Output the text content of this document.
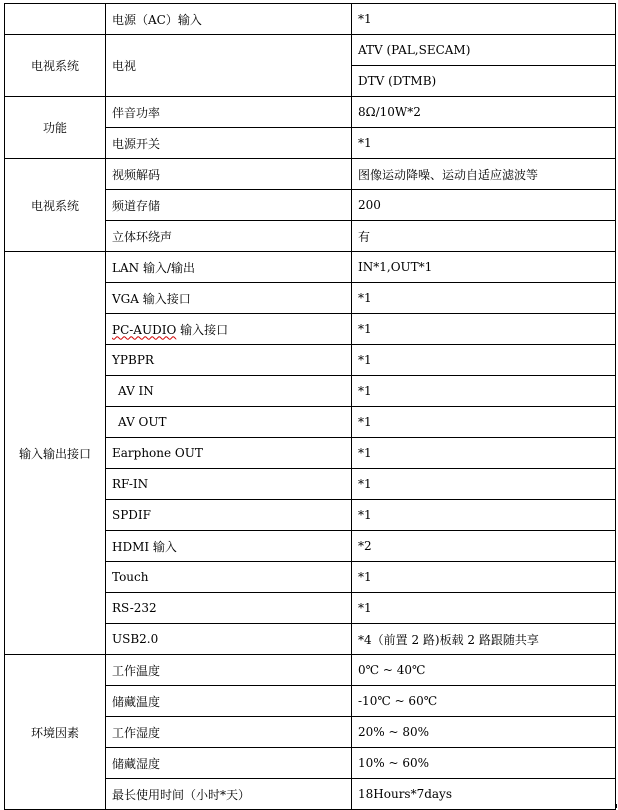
	电源（AC）输入	*1
电视系统	电视	ATV (PAL,SECAM)
		DTV (DTMB)
功能	伴音功率	8Ω/10W*2
	电源开关	*1
电视系统	视频解码	图像运动降噪、运动自适应滤波等
	频道存储	200
	立体环绕声	有
输入输出接口	LAN 输入/输出	IN*1,OUT*1
	VGA 输入接口	*1
	PC-AUDIO 输入接口	*1
	YPBPR	*1
	AV IN	*1
	AV OUT	*1
	Earphone OUT	*1
	RF-IN	*1
	SPDIF	*1
	HDMI 输入	*2
	Touch	*1
	RS-232	*1
	USB2.0	*4（前置 2 路)板载 2 路跟随共享
环境因素	工作温度	0℃ ~ 40℃
	储藏温度	-10℃ ~ 60℃
	工作湿度	20% ~ 80%
	储藏湿度	10% ~ 60%
	最长使用时间（小时*天）	18Hours*7days
